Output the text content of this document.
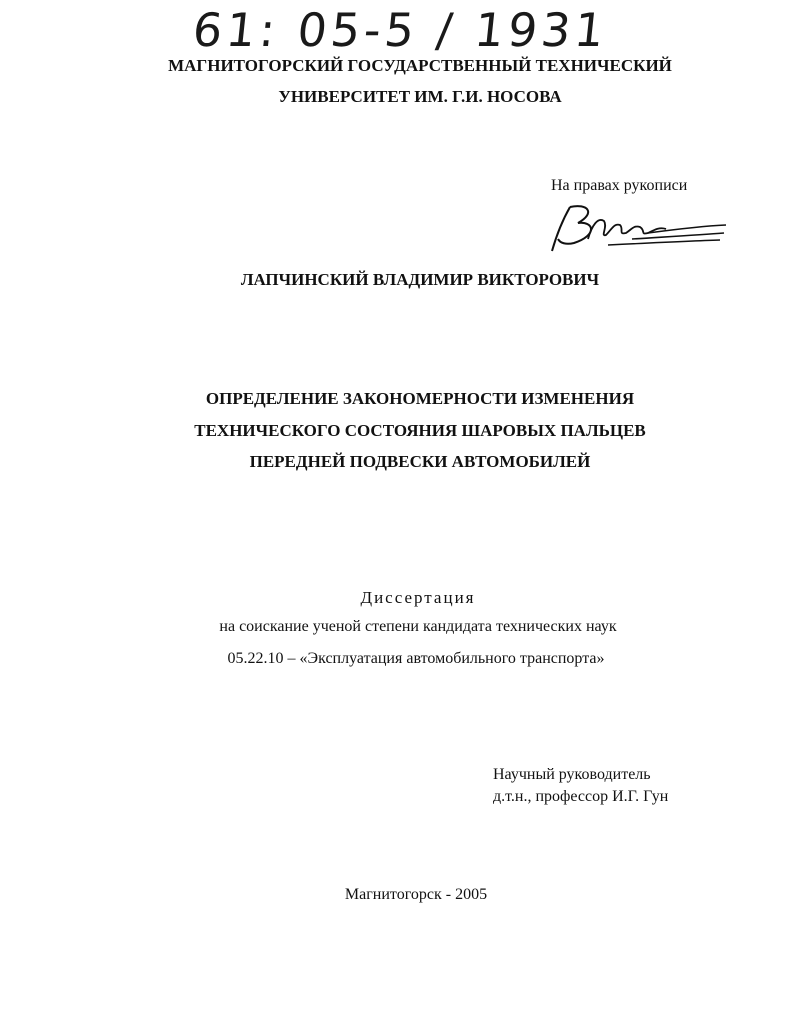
61: 05-5 / 1931
МАГНИТОГОРСКИЙ ГОСУДАРСТВЕННЫЙ ТЕХНИЧЕСКИЙ
УНИВЕРСИТЕТ ИМ. Г.И. НОСОВА
На правах рукописи
ЛАПЧИНСКИЙ ВЛАДИМИР ВИКТОРОВИЧ
ОПРЕДЕЛЕНИЕ ЗАКОНОМЕРНОСТИ ИЗМЕНЕНИЯ
ТЕХНИЧЕСКОГО СОСТОЯНИЯ ШАРОВЫХ ПАЛЬЦЕВ
ПЕРЕДНЕЙ ПОДВЕСКИ АВТОМОБИЛЕЙ
Диссертация
на соискание ученой степени кандидата технических наук
05.22.10 – «Эксплуатация автомобильного транспорта»
Научный руководитель
д.т.н., профессор И.Г. Гун
Магнитогорск - 2005
